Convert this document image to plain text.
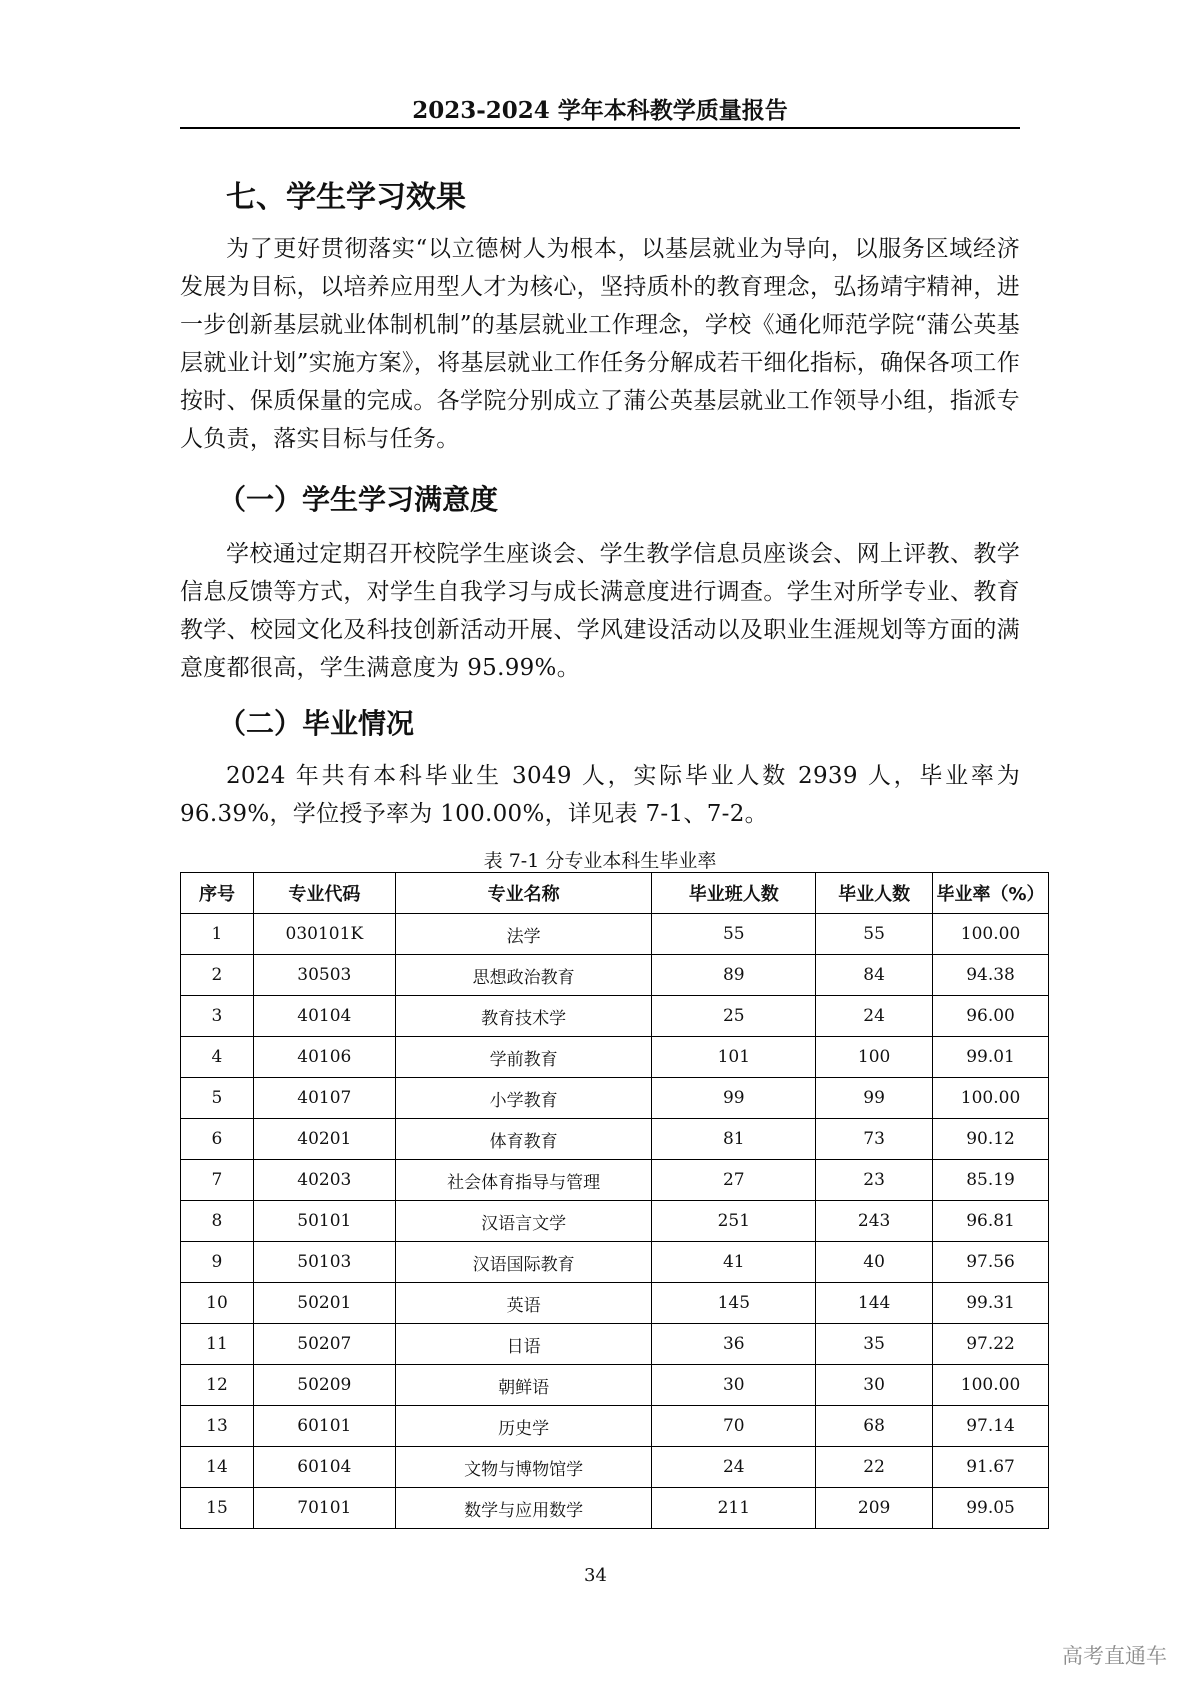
2023-2024 学年本科教学质量报告
七、学生学习效果
为了更好贯彻落实“以立德树人为根本，以基层就业为导向，以服务区域经济发展为目标，以培养应用型人才为核心，坚持质朴的教育理念，弘扬靖宇精神，进一步创新基层就业体制机制”的基层就业工作理念，学校《通化师范学院“蒲公英基层就业计划”实施方案》，将基层就业工作任务分解成若干细化指标，确保各项工作按时、保质保量的完成。各学院分别成立了蒲公英基层就业工作领导小组，指派专人负责，落实目标与任务。
（一）学生学习满意度
学校通过定期召开校院学生座谈会、学生教学信息员座谈会、网上评教、教学信息反馈等方式，对学生自我学习与成长满意度进行调查。学生对所学专业、教育教学、校园文化及科技创新活动开展、学风建设活动以及职业生涯规划等方面的满意度都很高，学生满意度为 95.99%。
（二）毕业情况
2024 年共有本科毕业生 3049 人，实际毕业人数 2939 人，毕业率为 96.39%，学位授予率为 100.00%，详见表 7-1、7-2。
表 7-1 分专业本科生毕业率
序号	专业代码	专业名称	毕业班人数	毕业人数	毕业率（%）
1	030101K	法学	55	55	100.00
2	30503	思想政治教育	89	84	94.38
3	40104	教育技术学	25	24	96.00
4	40106	学前教育	101	100	99.01
5	40107	小学教育	99	99	100.00
6	40201	体育教育	81	73	90.12
7	40203	社会体育指导与管理	27	23	85.19
8	50101	汉语言文学	251	243	96.81
9	50103	汉语国际教育	41	40	97.56
10	50201	英语	145	144	99.31
11	50207	日语	36	35	97.22
12	50209	朝鲜语	30	30	100.00
13	60101	历史学	70	68	97.14
14	60104	文物与博物馆学	24	22	91.67
15	70101	数学与应用数学	211	209	99.05
34
高考直通车
